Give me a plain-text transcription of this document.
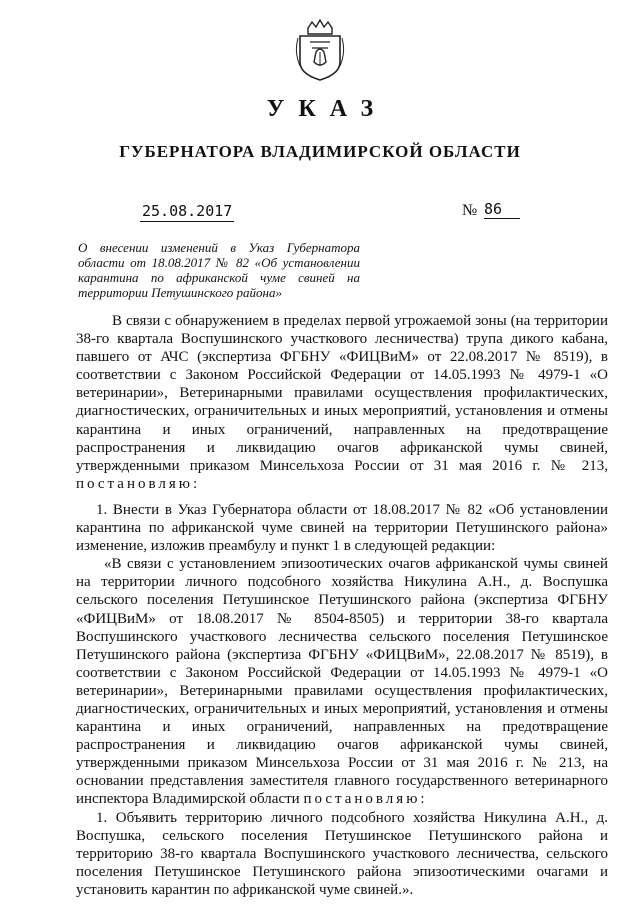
УКАЗ
ГУБЕРНАТОРА ВЛАДИМИРСКОЙ ОБЛАСТИ
25.08.2017	№ 86
О внесении изменений в Указ Губернатора области от 18.08.2017 № 82 «Об установлении карантина по африканской чуме свиней на территории Петушинского района»

В связи с обнаружением в пределах первой угрожаемой зоны (на территории 38-го квартала Воспушинского участкового лесничества) трупа дикого кабана, павшего от АЧС (экспертиза ФГБНУ «ФИЦВиМ» от 22.08.2017 № 8519), в соответствии с Законом Российской Федерации от 14.05.1993 № 4979-1 «О ветеринарии», Ветеринарными правилами осуществления профилактических, диагностических, ограничительных и иных мероприятий, установления и отмены карантина и иных ограничений, направленных на предотвращение распространения и ликвидацию очагов африканской чумы свиней, утвержденными приказом Минсельхоза России от 31 мая 2016 г. № 213, постановляю:

1. Внести в Указ Губернатора области от 18.08.2017 № 82 «Об установлении карантина по африканской чуме свиней на территории Петушинского района» изменение, изложив преамбулу и пункт 1 в следующей редакции:

«В связи с установлением эпизоотических очагов африканской чумы свиней на территории личного подсобного хозяйства Никулина А.Н., д. Воспушка сельского поселения Петушинское Петушинского района (экспертиза ФГБНУ «ФИЦВиМ» от 18.08.2017 № 8504-8505) и территории 38-го квартала Воспушинского участкового лесничества сельского поселения Петушинское Петушинского района (экспертиза ФГБНУ «ФИЦВиМ», 22.08.2017 № 8519), в соответствии с Законом Российской Федерации от 14.05.1993 № 4979-1 «О ветеринарии», Ветеринарными правилами осуществления профилактических, диагностических, ограничительных и иных мероприятий, установления и отмены карантина и иных ограничений, направленных на предотвращение распространения и ликвидацию очагов африканской чумы свиней, утвержденными приказом Минсельхоза России от 31 мая 2016 г. № 213, на основании представления заместителя главного государственного ветеринарного инспектора Владимирской области постановляю:

1. Объявить территорию личного подсобного хозяйства Никулина А.Н., д. Воспушка, сельского поселения Петушинское Петушинского района и территорию 38-го квартала Воспушинского участкового лесничества, сельского поселения Петушинское Петушинского района эпизоотическими очагами и установить карантин по африканской чуме свиней.».
